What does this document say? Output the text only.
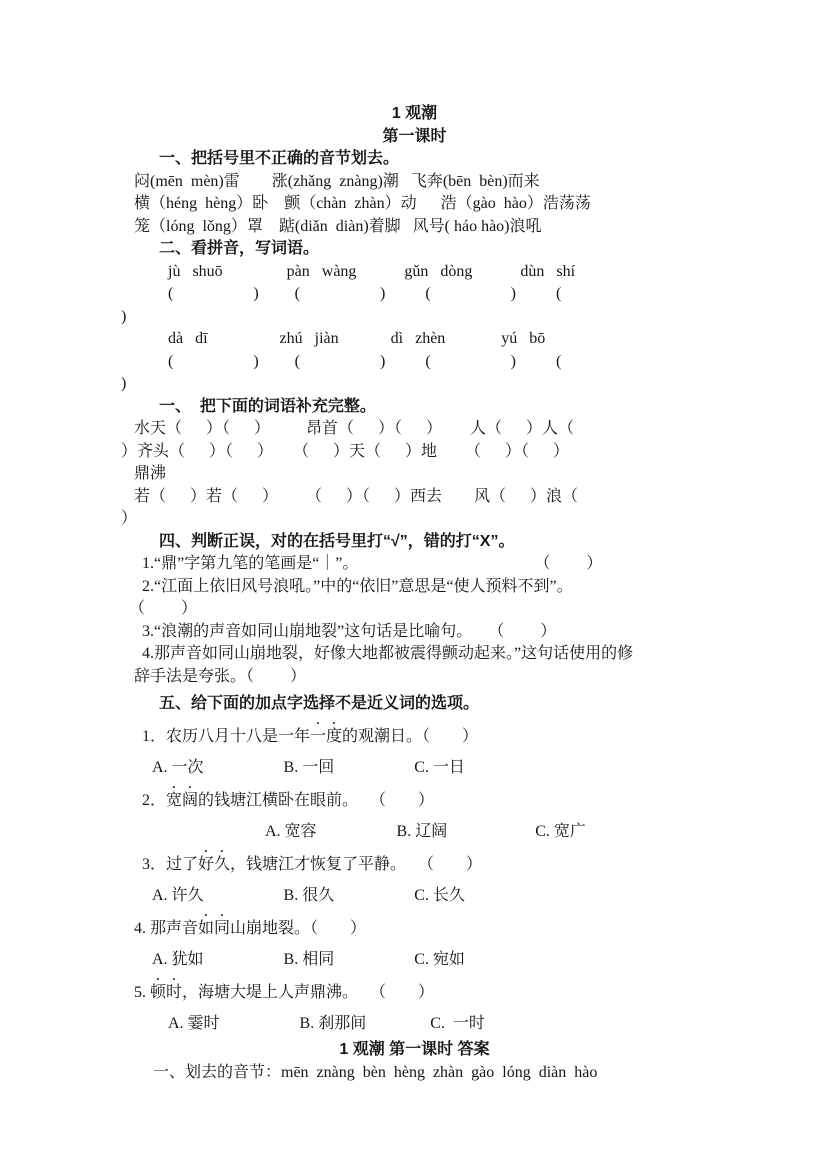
1 观潮
第一课时
一、把括号里不正确的音节划去。
闷(mēn  mèn)雷        涨(zhǎng  znàng)潮   飞奔(bēn  bèn)而来
横（héng  hèng）卧    颤（chàn  zhàn）动      浩（gào  hào）浩荡荡
笼（lóng  lǒng）罩    踮(diǎn  diàn)着脚   风号( háo hào)浪吼
二、看拼音，写词语。
jù   shuō                pàn   wàng            gǔn   dòng            dùn   shí
(                    )         (                    )          (                    )          (
)
dà   dī                  zhú   jiàn             dì   zhèn              yú   bō
(                    )         (                    )          (                    )          (
)
一、  把下面的词语补充完整。
水天（      ）（      ）         昂首（      ）（      ）       人（      ）人（
）齐头（      ）（      ）     （      ）天（      ）地       （      ）（      ）
鼎沸
若（      ）若（      ）       （      ）（      ）西去        风（      ）浪（
）
四、判断正误，对的在括号里打“√”，错的打“X”。
1.“鼎”字第九笔的笔画是“｜”。                                            （         ）
2.“江面上依旧风号浪吼。”中的“依旧”意思是“使人预料不到”。
（         ）
3.“浪潮的声音如同山崩地裂”这句话是比喻句。    （         ）
4.那声音如同山崩地裂，好像大地都被震得颤动起来。”这句话使用的修
辞手法是夸张。（         ）
五、给下面的加点字选择不是近义词的选项。
1．农历八月十八是一年一度的观潮日。（        ）
A. 一次                    B. 一回                    C. 一日
2．宽阔的钱塘江横卧在眼前。   （        ）
A. 宽容                    B. 辽阔                      C. 宽广
3．过了好久，钱塘江才恢复了平静。   （        ）
A. 许久                    B. 很久                    C. 长久
4. 那声音如同山崩地裂。（        ）
A. 犹如                    B. 相同                    C. 宛如
5. 顿时，海塘大堤上人声鼎沸。   （        ）
A. 霎时                    B. 刹那间                C.  一时
1 观潮 第一课时 答案
一、划去的音节：mēn  znàng  bèn  hèng  zhàn  gào  lóng  diàn  hào
